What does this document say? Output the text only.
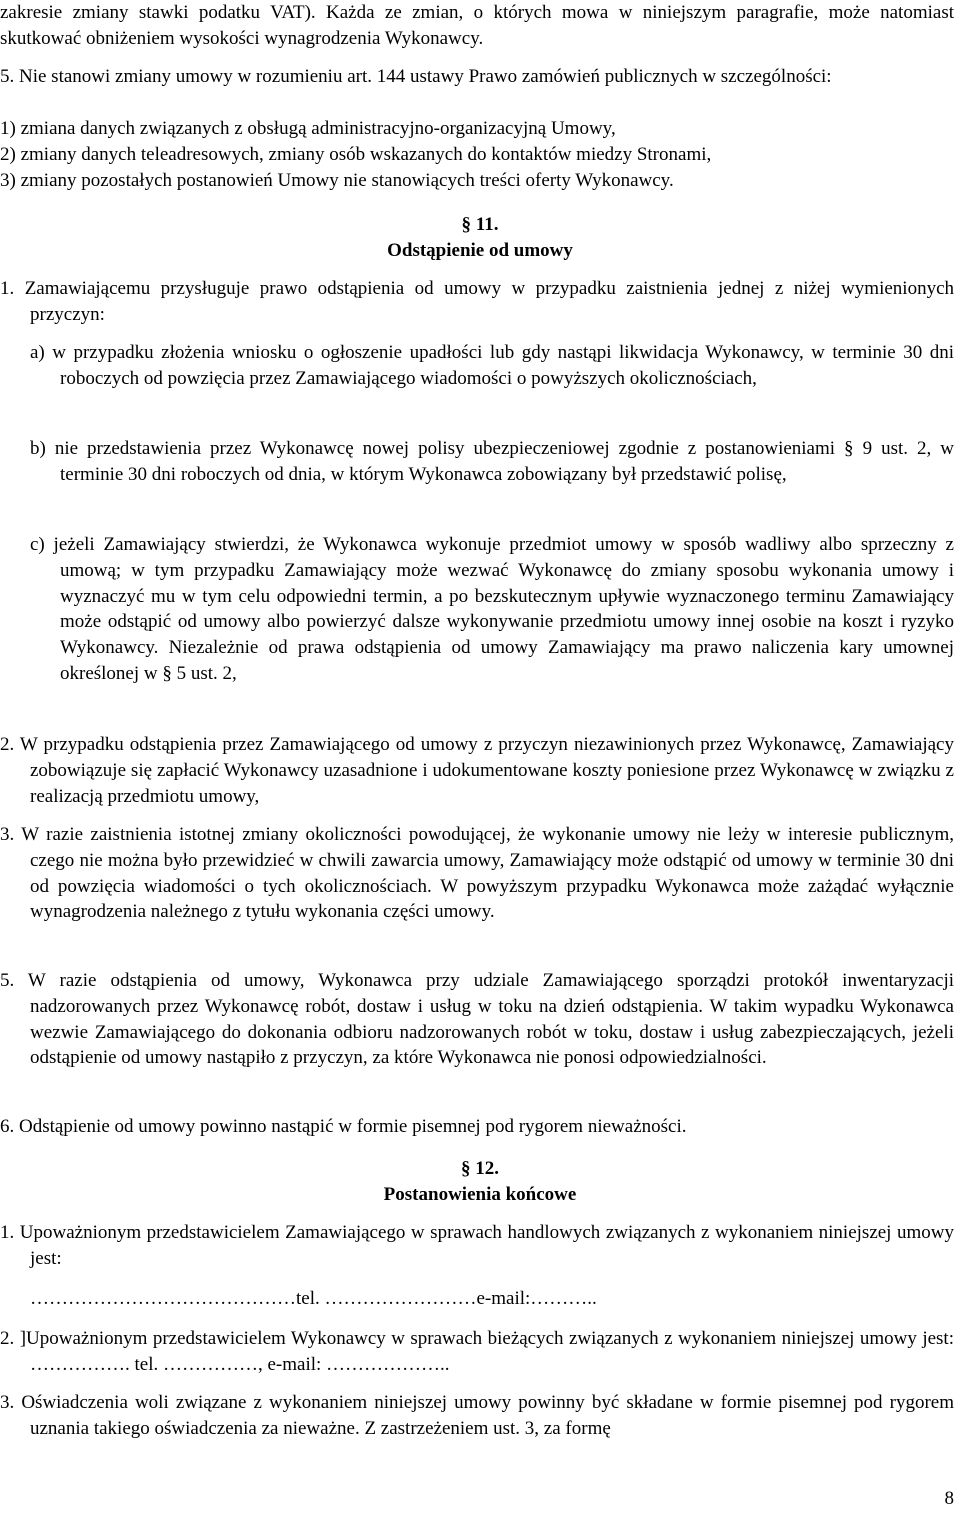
zakresie zmiany stawki podatku VAT). Każda ze zmian, o których mowa w niniejszym paragrafie, może natomiast skutkować obniżeniem wysokości wynagrodzenia Wykonawcy.
5. Nie stanowi zmiany umowy w rozumieniu art. 144 ustawy Prawo zamówień publicznych w szczególności:
1) zmiana danych związanych z obsługą administracyjno-organizacyjną Umowy,
2) zmiany danych teleadresowych, zmiany osób wskazanych do kontaktów miedzy Stronami,
3) zmiany pozostałych postanowień Umowy nie stanowiących treści oferty Wykonawcy.
§ 11.
Odstąpienie od umowy
1. Zamawiającemu przysługuje prawo odstąpienia od umowy w przypadku zaistnienia jednej z niżej wymienionych przyczyn:
a) w przypadku złożenia wniosku o ogłoszenie upadłości lub gdy nastąpi likwidacja Wykonawcy, w terminie 30 dni roboczych od powzięcia przez Zamawiającego wiadomości o powyższych okolicznościach,
b) nie przedstawienia przez Wykonawcę nowej polisy ubezpieczeniowej zgodnie z postanowieniami § 9 ust. 2, w terminie 30 dni roboczych od dnia, w którym Wykonawca zobowiązany był przedstawić polisę,
c) jeżeli Zamawiający stwierdzi, że Wykonawca wykonuje przedmiot umowy w sposób wadliwy albo sprzeczny z umową; w tym przypadku Zamawiający może wezwać Wykonawcę do zmiany sposobu wykonania umowy i wyznaczyć mu w tym celu odpowiedni termin, a po bezskutecznym upływie wyznaczonego terminu Zamawiający może odstąpić od umowy albo powierzyć dalsze wykonywanie przedmiotu umowy innej osobie na koszt i ryzyko Wykonawcy. Niezależnie od prawa odstąpienia od umowy Zamawiający ma prawo naliczenia kary umownej określonej w § 5 ust. 2,
2. W przypadku odstąpienia przez Zamawiającego od umowy z przyczyn niezawinionych przez Wykonawcę, Zamawiający zobowiązuje się zapłacić Wykonawcy uzasadnione i udokumentowane koszty poniesione przez Wykonawcę w związku z realizacją przedmiotu umowy,
3. W razie zaistnienia istotnej zmiany okoliczności powodującej, że wykonanie umowy nie leży w interesie publicznym, czego nie można było przewidzieć w chwili zawarcia umowy, Zamawiający może odstąpić od umowy w terminie 30 dni od powzięcia wiadomości o tych okolicznościach. W powyższym przypadku Wykonawca może zażądać wyłącznie wynagrodzenia należnego z tytułu wykonania części umowy.
5. W razie odstąpienia od umowy, Wykonawca przy udziale Zamawiającego sporządzi protokół inwentaryzacji nadzorowanych przez Wykonawcę robót, dostaw i usług w toku na dzień odstąpienia. W takim wypadku Wykonawca wezwie Zamawiającego do dokonania odbioru nadzorowanych robót w toku, dostaw i usług zabezpieczających, jeżeli odstąpienie od umowy nastąpiło z przyczyn, za które Wykonawca nie ponosi odpowiedzialności.
6. Odstąpienie od umowy powinno nastąpić w formie pisemnej pod rygorem nieważności.
§ 12.
Postanowienia końcowe
1. Upoważnionym przedstawicielem Zamawiającego w sprawach handlowych związanych z wykonaniem niniejszej umowy jest:
……………………………………tel. ……………………e-mail:………..
2. ]Upoważnionym przedstawicielem Wykonawcy w sprawach bieżących związanych z wykonaniem niniejszej umowy jest: ……………. tel. ……………, e-mail: ………………..
3. Oświadczenia woli związane z wykonaniem niniejszej umowy powinny być składane w formie pisemnej pod rygorem uznania takiego oświadczenia za nieważne. Z zastrzeżeniem ust. 3, za formę
8
